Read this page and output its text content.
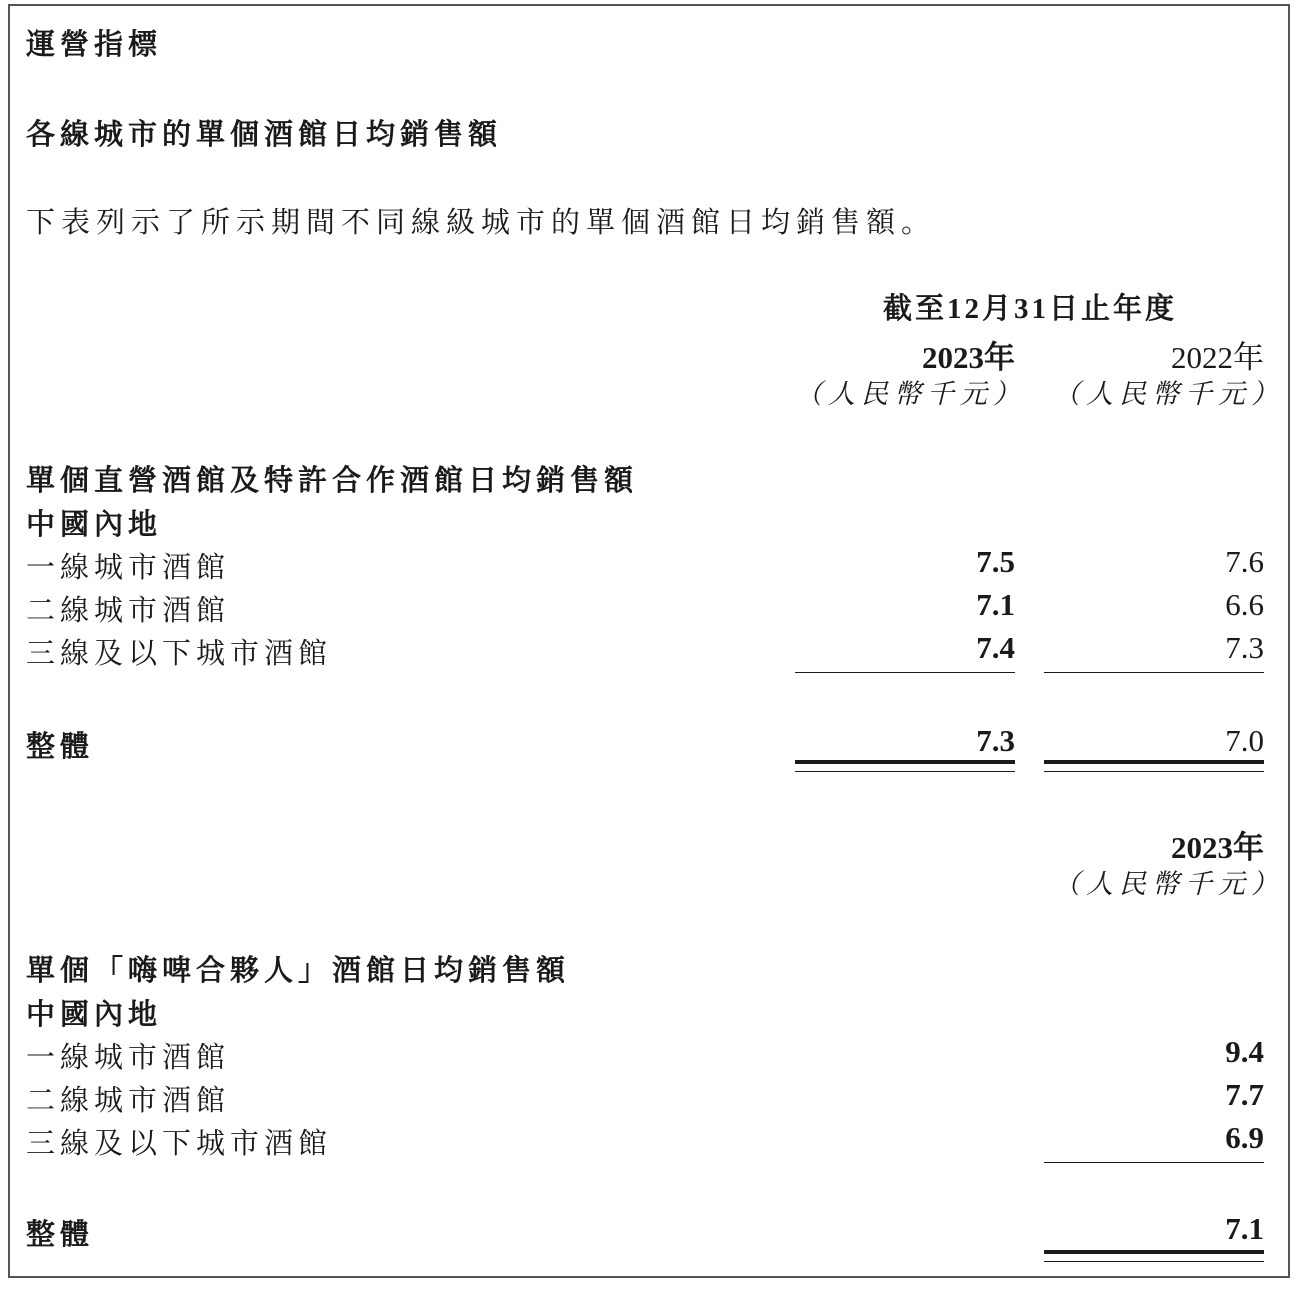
運營指標
各線城市的單個酒館日均銷售額
下表列示了所示期間不同線級城市的單個酒館日均銷售額。
截至12月31日止年度
2023年	2022年
（人民幣千元）	（人民幣千元）
單個直營酒館及特許合作酒館日均銷售額
中國內地
一線城市酒館	7.5	7.6
二線城市酒館	7.1	6.6
三線及以下城市酒館	7.4	7.3
整體	7.3	7.0
2023年
（人民幣千元）
單個「嗨啤合夥人」酒館日均銷售額
中國內地
一線城市酒館	9.4
二線城市酒館	7.7
三線及以下城市酒館	6.9
整體	7.1
